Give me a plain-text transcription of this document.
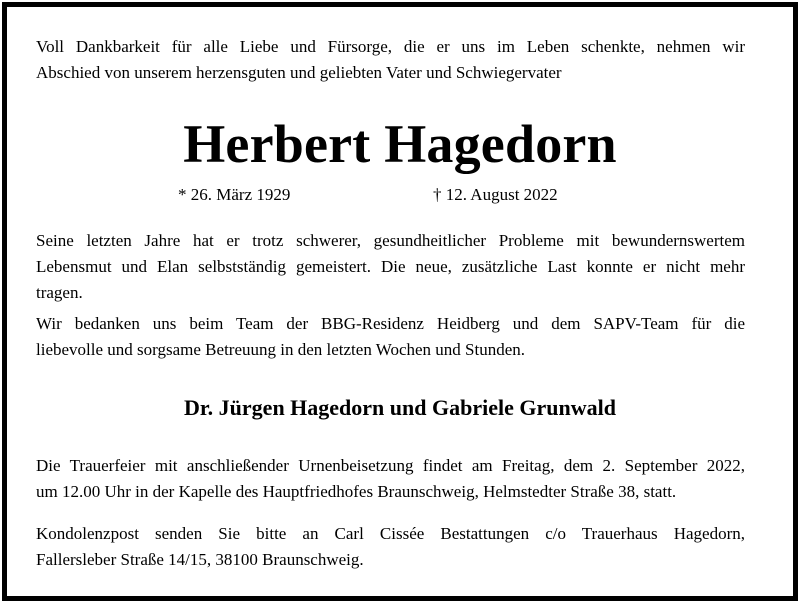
Voll Dankbarkeit für alle Liebe und Fürsorge, die er uns im Leben schenkte, nehmen wir
Abschied von unserem herzensguten und geliebten Vater und Schwiegervater

Herbert Hagedorn

* 26. März 1929	† 12. August 2022

Seine letzten Jahre hat er trotz schwerer, gesundheitlicher Probleme mit bewundernswertem
Lebensmut und Elan selbstständig gemeistert. Die neue, zusätzliche Last konnte er nicht mehr
tragen.

Wir bedanken uns beim Team der BBG-Residenz Heidberg und dem SAPV-Team für die
liebevolle und sorgsame Betreuung in den letzten Wochen und Stunden.

Dr. Jürgen Hagedorn und Gabriele Grunwald

Die Trauerfeier mit anschließender Urnenbeisetzung findet am Freitag, dem 2. September 2022,
um 12.00 Uhr in der Kapelle des Hauptfriedhofes Braunschweig, Helmstedter Straße 38, statt.

Kondolenzpost senden Sie bitte an Carl Cissée Bestattungen c/o Trauerhaus Hagedorn,
Fallersleber Straße 14/15, 38100 Braunschweig.
